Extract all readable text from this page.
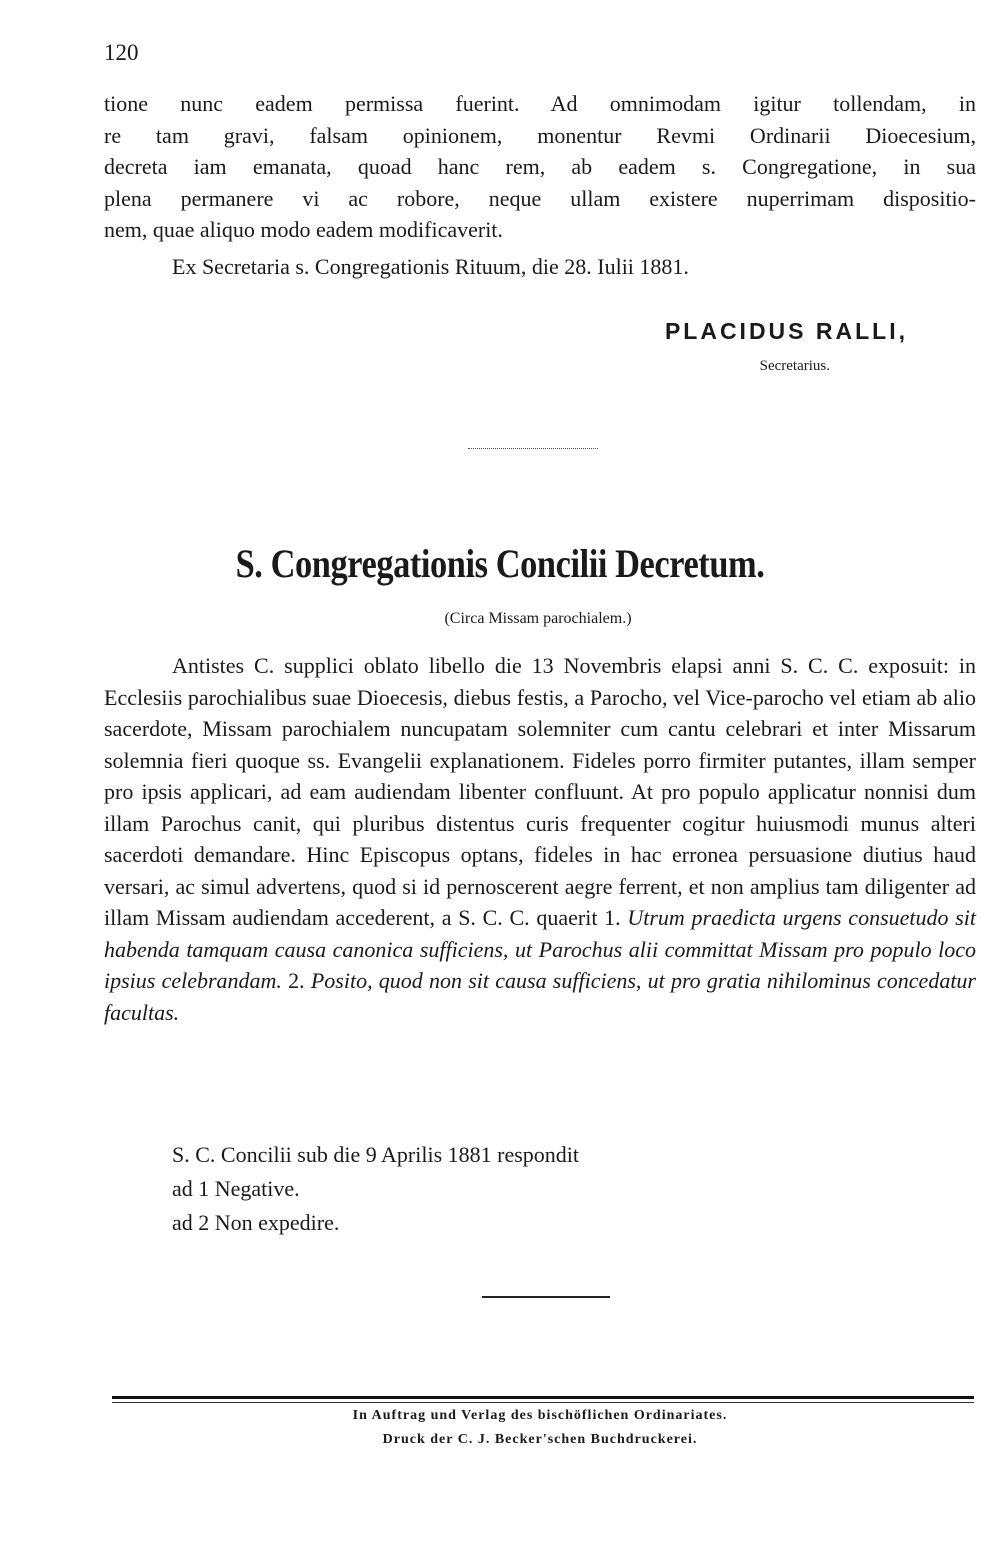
120
tione nunc eadem permissa fuerint. Ad omnimodam igitur tollendam, in
re tam gravi, falsam opinionem, monentur Revmi Ordinarii Dioecesium,
decreta iam emanata, quoad hanc rem, ab eadem s. Congregatione, in sua
plena permanere vi ac robore, neque ullam existere nuperrimam dispositio-
nem, quae aliquo modo eadem modificaverit.
Ex Secretaria s. Congregationis Rituum, die 28. Iulii 1881.
PLACIDUS RALLI,
Secretarius.
S. Congregationis Concilii Decretum.
(Circa Missam parochialem.)

Antistes C. supplici oblato libello die 13 Novembris elapsi anni S. C. C. exposuit: in Ecclesiis parochialibus suae Dioecesis, diebus festis, a Parocho, vel Vice-parocho vel etiam ab alio sacerdote, Missam parochialem nuncupatam solemniter cum cantu celebrari et inter Missarum solemnia fieri quoque ss. Evangelii explanationem. Fideles porro firmiter putantes, illam semper pro ipsis applicari, ad eam audiendam libenter confluunt. At pro populo applicatur nonnisi dum illam Parochus canit, qui pluribus distentus curis frequenter cogitur huiusmodi munus alteri sacerdoti demandare. Hinc Episcopus optans, fideles in hac erronea persuasione diutius haud versari, ac simul advertens, quod si id pernoscerent aegre ferrent, et non amplius tam diligenter ad illam Missam audiendam accederent, a S. C. C. quaerit 1. Utrum praedicta urgens consuetudo sit habenda tamquam causa canonica sufficiens, ut Parochus alii committat Missam pro populo loco ipsius celebrandam. 2. Posito, quod non sit causa sufficiens, ut pro gratia nihilominus concedatur facultas.

S. C. Concilii sub die 9 Aprilis 1881 respondit
ad 1 Negative.
ad 2 Non expedire.
In Auftrag und Verlag des bischöflichen Ordinariates.
Druck der C. J. Becker'schen Buchdruckerei.
